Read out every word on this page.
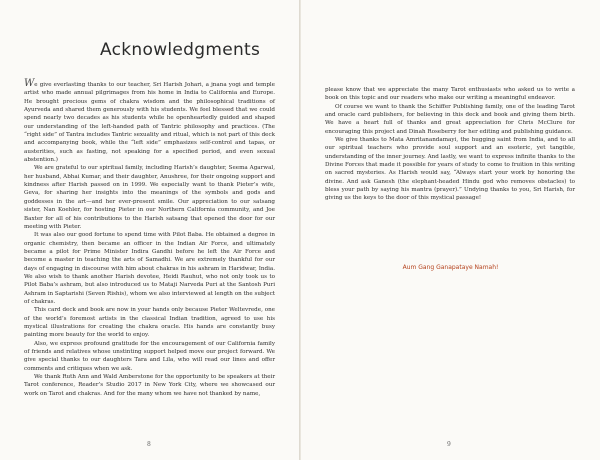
Acknowledgments

We give everlasting thanks to our teacher, Sri Harish Johari, a jnana yogi and temple artist who made annual pilgrimages from his home in India to California and Europe. He brought precious gems of chakra wisdom and the philosophical traditions of Ayurveda and shared them generously with his students. We feel blessed that we could spend nearly two decades as his students while he openheartedly guided and shaped our understanding of the left-handed path of Tantric philosophy and practices. (The “right side” of Tantra includes Tantric sexuality and ritual, which is not part of this deck and accompanying book, while the “left side” emphasizes self-control and tapas, or austerities, such as fasting, not speaking for a specified period, and even sexual abstention.)

We are grateful to our spiritual family, including Harish’s daughter, Seema Agarwal, her husband, Abhai Kumar, and their daughter, Anushree, for their ongoing support and kindness after Harish passed on in 1999. We especially want to thank Pieter’s wife, Geva, for sharing her insights into the meanings of the symbols and gods and goddesses in the art—and her ever-present smile. Our appreciation to our satsang sister, Nan Koehler, for hosting Pieter in our Northern California community, and Joe Baxter for all of his contributions to the Harish satsang that opened the door for our meeting with Pieter.

It was also our good fortune to spend time with Pilot Baba. He obtained a degree in organic chemistry, then became an officer in the Indian Air Force, and ultimately became a pilot for Prime Minister Indira Gandhi before he left the Air Force and become a master in teaching the arts of Samadhi. We are extremely thankful for our days of engaging in discourse with him about chakras in his ashram in Haridwar, India. We also wish to thank another Harish devotee, Heidi Rauhut, who not only took us to Pilot Baba’s ashram, but also introduced us to Mataji Narveda Puri at the Santosh Puri Ashram in Saptarishi (Seven Rishis), whom we also interviewed at length on the subject of chakras.

This card deck and book are now in your hands only because Pieter Weltevrede, one of the world’s foremost artists in the classical Indian tradition, agreed to use his mystical illustrations for creating the chakra oracle. His hands are constantly busy painting more beauty for the world to enjoy.

Also, we express profound gratitude for the encouragement of our California family of friends and relatives whose unstinting support helped move our project forward. We give special thanks to our daughters Tara and Lila, who will read our lines and offer comments and critiques when we ask.

We thank Ruth Ann and Wald Amberstone for the opportunity to be speakers at their Tarot conference, Reader’s Studio 2017 in New York City, where we showcased our work on Tarot and chakras. And for the many whom we have not thanked by name,

8

please know that we appreciate the many Tarot enthusiasts who asked us to write a book on this topic and our readers who make our writing a meaningful endeavor.

Of course we want to thank the Schiffer Publishing family, one of the leading Tarot and oracle card publishers, for believing in this deck and book and giving them birth. We have a heart full of thanks and great appreciation for Chris McClure for encouraging this project and Dinah Roseberry for her editing and publishing guidance.

We give thanks to Mata Amritanandamayi, the hugging saint from India, and to all our spiritual teachers who provide soul support and an esoteric, yet tangible, understanding of the inner journey. And lastly, we want to express infinite thanks to the Divine Forces that made it possible for years of study to come to fruition in this writing on sacred mysteries. As Harish would say, “Always start your work by honoring the divine. And ask Ganesh (the elephant-headed Hindu god who removes obstacles) to bless your path by saying his mantra (prayer).” Undying thanks to you, Sri Harish, for giving us the keys to the door of this mystical passage!

Aum Gang Ganapataye Namah!
9
